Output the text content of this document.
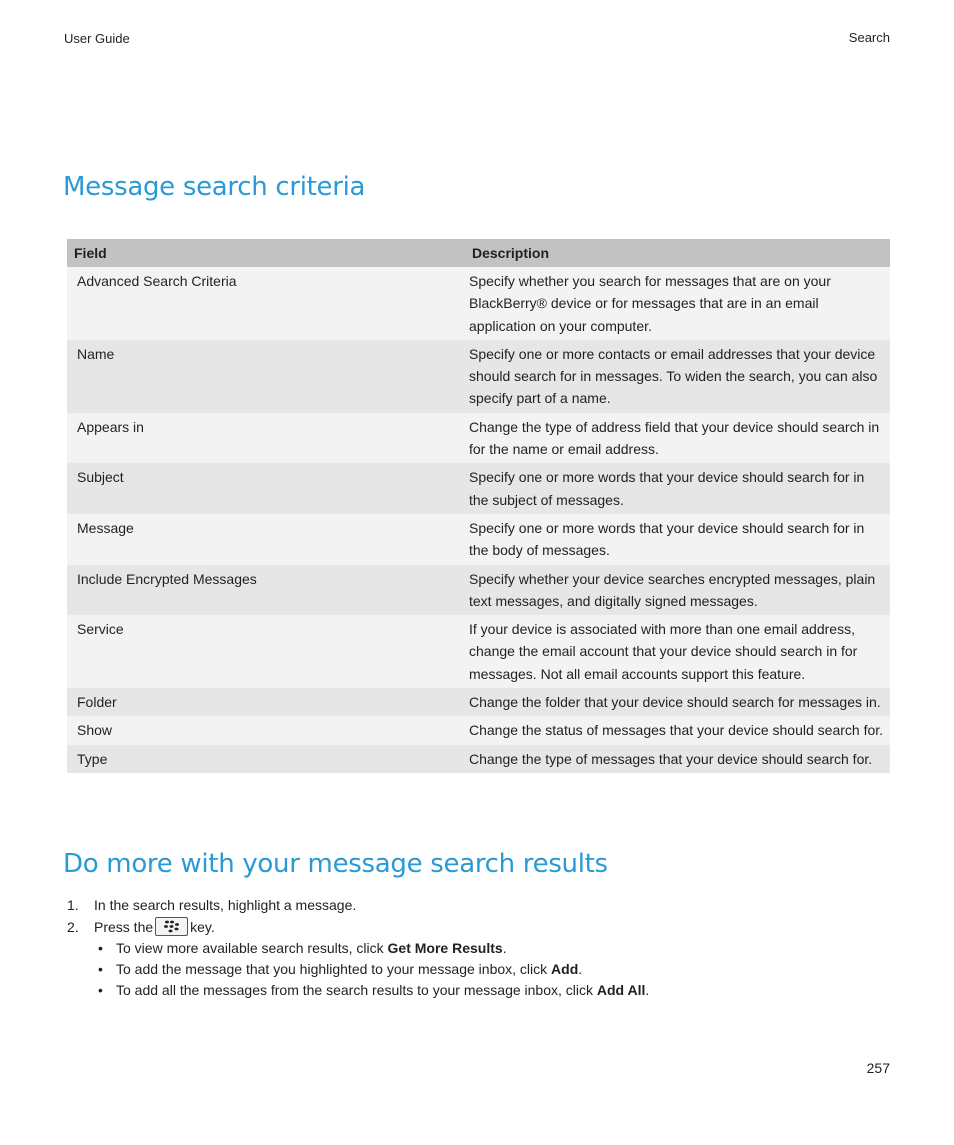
User Guide	Search
Message search criteria
Field	Description
Advanced Search Criteria	Specify whether you search for messages that are on your BlackBerry® device or for messages that are in an email application on your computer.
Name	Specify one or more contacts or email addresses that your device should search for in messages. To widen the search, you can also specify part of a name.
Appears in	Change the type of address field that your device should search in for the name or email address.
Subject	Specify one or more words that your device should search for in the subject of messages.
Message	Specify one or more words that your device should search for in the body of messages.
Include Encrypted Messages	Specify whether your device searches encrypted messages, plain text messages, and digitally signed messages.
Service	If your device is associated with more than one email address, change the email account that your device should search in for messages. Not all email accounts support this feature.
Folder	Change the folder that your device should search for messages in.
Show	Change the status of messages that your device should search for.
Type	Change the type of messages that your device should search for.
Do more with your message search results
1. In the search results, highlight a message.
2. Press the	key.
• To view more available search results, click Get More Results.
• To add the message that you highlighted to your message inbox, click Add.
• To add all the messages from the search results to your message inbox, click Add All.
257
